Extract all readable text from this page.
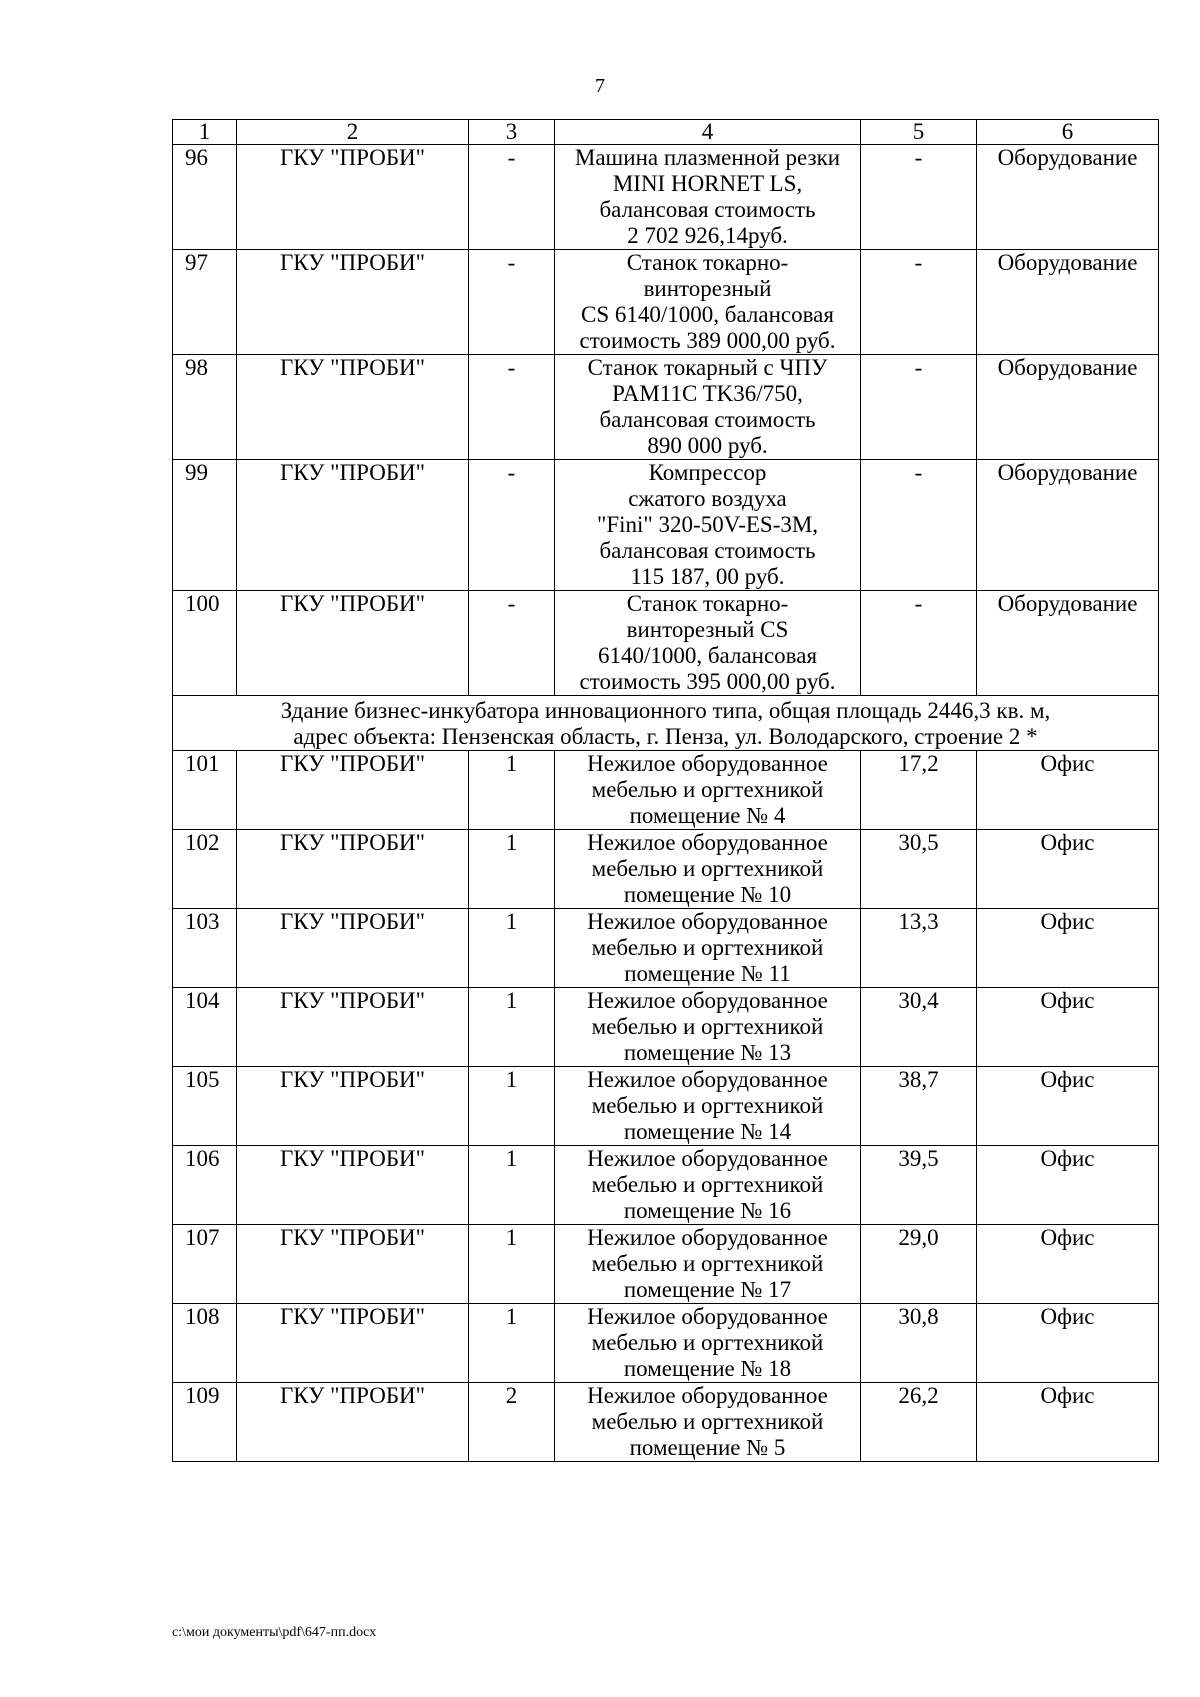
7
1	2	3	4	5	6
96	ГКУ "ПРОБИ"	-	Машина плазменной резки
MINI HORNET LS,
балансовая стоимость
2 702 926,14руб.	-	Оборудование
97	ГКУ "ПРОБИ"	-	Станок токарно-
винторезный
CS 6140/1000, балансовая
стоимость 389 000,00 руб.	-	Оборудование
98	ГКУ "ПРОБИ"	-	Станок токарный с ЧПУ
PAM11C TK36/750,
балансовая стоимость
890 000 руб.	-	Оборудование
99	ГКУ "ПРОБИ"	-	Компрессор
сжатого воздуха
"Fini" 320-50V-ES-3M,
балансовая стоимость
115 187, 00 руб.	-	Оборудование
100	ГКУ "ПРОБИ"	-	Станок токарно-
винторезный CS
6140/1000, балансовая
стоимость 395 000,00 руб.	-	Оборудование

Здание бизнес-инкубатора инновационного типа, общая площадь 2446,3 кв. м,
адрес объекта: Пензенская область, г. Пенза, ул. Володарского, строение 2 *					

101	ГКУ "ПРОБИ"	1	Нежилое оборудованное
мебелью и оргтехникой
помещение № 4	17,2	Офис
102	ГКУ "ПРОБИ"	1	Нежилое оборудованное
мебелью и оргтехникой
помещение № 10	30,5	Офис
103	ГКУ "ПРОБИ"	1	Нежилое оборудованное
мебелью и оргтехникой
помещение № 11	13,3	Офис
104	ГКУ "ПРОБИ"	1	Нежилое оборудованное
мебелью и оргтехникой
помещение № 13	30,4	Офис
105	ГКУ "ПРОБИ"	1	Нежилое оборудованное
мебелью и оргтехникой
помещение № 14	38,7	Офис
106	ГКУ "ПРОБИ"	1	Нежилое оборудованное
мебелью и оргтехникой
помещение № 16	39,5	Офис
107	ГКУ "ПРОБИ"	1	Нежилое оборудованное
мебелью и оргтехникой
помещение № 17	29,0	Офис
108	ГКУ "ПРОБИ"	1	Нежилое оборудованное
мебелью и оргтехникой
помещение № 18	30,8	Офис
109	ГКУ "ПРОБИ"	2	Нежилое оборудованное
мебелью и оргтехникой
помещение № 5	26,2	Офис
c:\мои документы\pdf\647-пп.docx
